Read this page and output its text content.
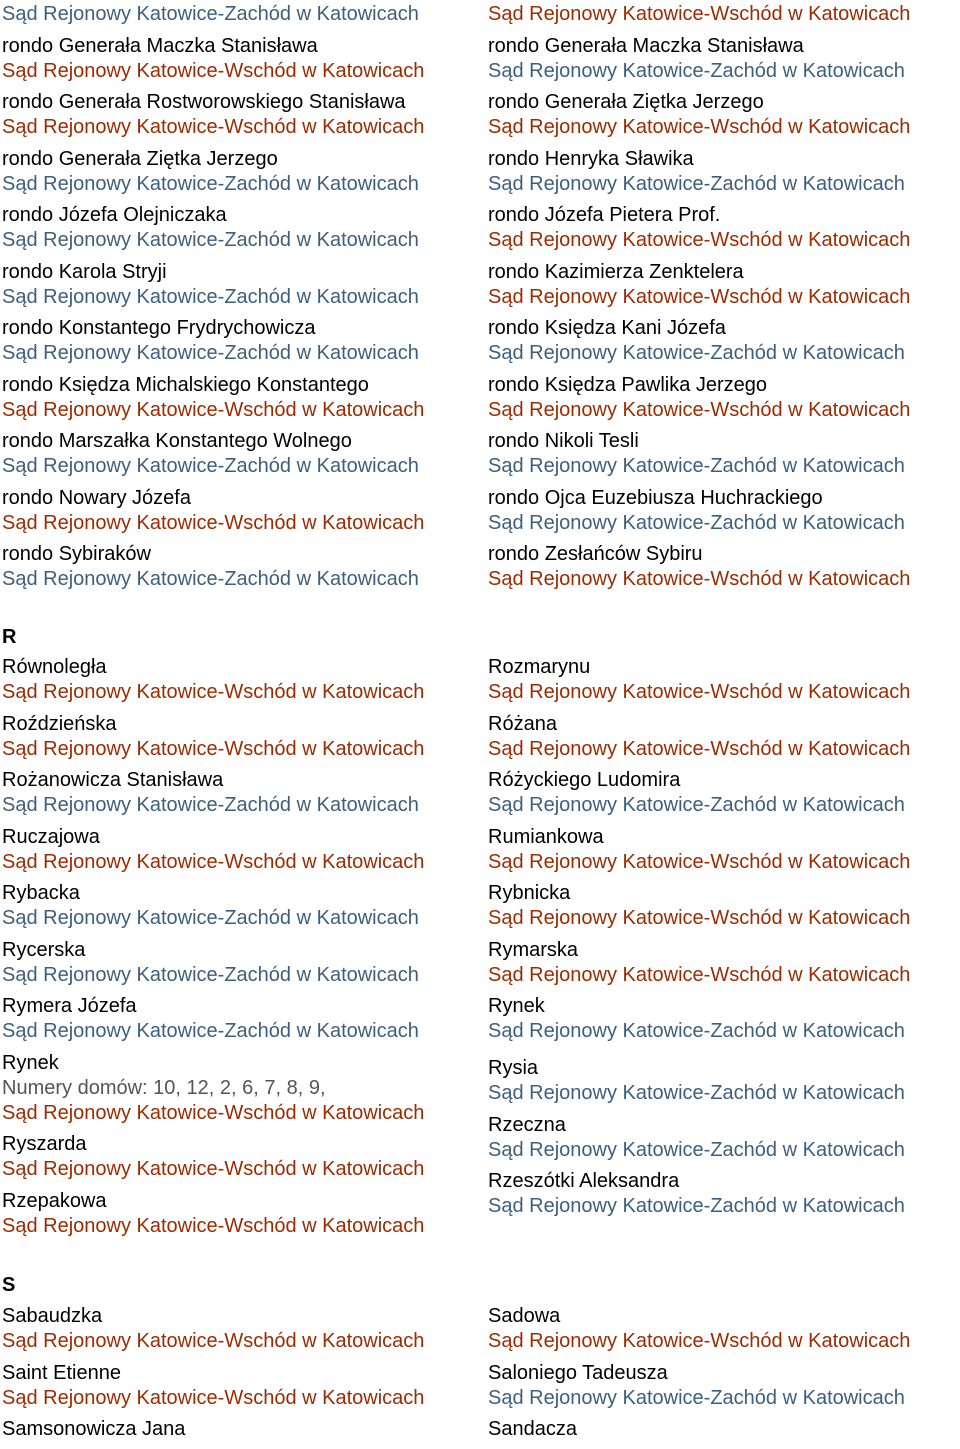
Sąd Rejonowy Katowice-Zachód w Katowicach
rondo Generała Maczka Stanisława
Sąd Rejonowy Katowice-Wschód w Katowicach
rondo Generała Rostworowskiego Stanisława
Sąd Rejonowy Katowice-Wschód w Katowicach
rondo Generała Ziętka Jerzego
Sąd Rejonowy Katowice-Zachód w Katowicach
rondo Józefa Olejniczaka
Sąd Rejonowy Katowice-Zachód w Katowicach
rondo Karola Stryji
Sąd Rejonowy Katowice-Zachód w Katowicach
rondo Konstantego Frydrychowicza
Sąd Rejonowy Katowice-Zachód w Katowicach
rondo Księdza Michalskiego Konstantego
Sąd Rejonowy Katowice-Wschód w Katowicach
rondo Marszałka Konstantego Wolnego
Sąd Rejonowy Katowice-Zachód w Katowicach
rondo Nowary Józefa
Sąd Rejonowy Katowice-Wschód w Katowicach
rondo Sybiraków
Sąd Rejonowy Katowice-Zachód w Katowicach
Sąd Rejonowy Katowice-Wschód w Katowicach
rondo Generała Maczka Stanisława
Sąd Rejonowy Katowice-Zachód w Katowicach
rondo Generała Ziętka Jerzego
Sąd Rejonowy Katowice-Wschód w Katowicach
rondo Henryka Sławika
Sąd Rejonowy Katowice-Zachód w Katowicach
rondo Józefa Pietera Prof.
Sąd Rejonowy Katowice-Wschód w Katowicach
rondo Kazimierza Zenktelera
Sąd Rejonowy Katowice-Wschód w Katowicach
rondo Księdza Kani Józefa
Sąd Rejonowy Katowice-Zachód w Katowicach
rondo Księdza Pawlika Jerzego
Sąd Rejonowy Katowice-Wschód w Katowicach
rondo Nikoli Tesli
Sąd Rejonowy Katowice-Zachód w Katowicach
rondo Ojca Euzebiusza Huchrackiego
Sąd Rejonowy Katowice-Zachód w Katowicach
rondo Zesłańców Sybiru
Sąd Rejonowy Katowice-Wschód w Katowicach
R
Równoległa
Sąd Rejonowy Katowice-Wschód w Katowicach
Roździeńska
Sąd Rejonowy Katowice-Wschód w Katowicach
Rożanowicza Stanisława
Sąd Rejonowy Katowice-Zachód w Katowicach
Ruczajowa
Sąd Rejonowy Katowice-Wschód w Katowicach
Rybacka
Sąd Rejonowy Katowice-Zachód w Katowicach
Rycerska
Sąd Rejonowy Katowice-Zachód w Katowicach
Rymera Józefa
Sąd Rejonowy Katowice-Zachód w Katowicach
Rynek
Numery domów: 10, 12, 2, 6, 7, 8, 9,
Sąd Rejonowy Katowice-Wschód w Katowicach
Ryszarda
Sąd Rejonowy Katowice-Wschód w Katowicach
Rzepakowa
Sąd Rejonowy Katowice-Wschód w Katowicach
Rozmarynu
Sąd Rejonowy Katowice-Wschód w Katowicach
Różana
Sąd Rejonowy Katowice-Wschód w Katowicach
Różyckiego Ludomira
Sąd Rejonowy Katowice-Zachód w Katowicach
Rumiankowa
Sąd Rejonowy Katowice-Wschód w Katowicach
Rybnicka
Sąd Rejonowy Katowice-Wschód w Katowicach
Rymarska
Sąd Rejonowy Katowice-Wschód w Katowicach
Rynek
Sąd Rejonowy Katowice-Zachód w Katowicach
Rysia
Sąd Rejonowy Katowice-Zachód w Katowicach
Rzeczna
Sąd Rejonowy Katowice-Zachód w Katowicach
Rzeszótki Aleksandra
Sąd Rejonowy Katowice-Zachód w Katowicach
S
Sabaudzka
Sąd Rejonowy Katowice-Wschód w Katowicach
Saint Etienne
Sąd Rejonowy Katowice-Wschód w Katowicach
Samsonowicza Jana
Sadowa
Sąd Rejonowy Katowice-Wschód w Katowicach
Saloniego Tadeusza
Sąd Rejonowy Katowice-Zachód w Katowicach
Sandacza
